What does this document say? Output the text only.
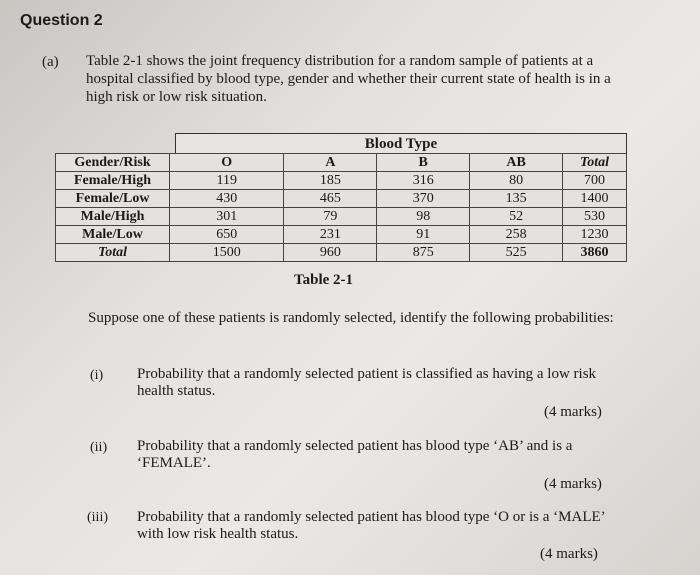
Question 2
(a) Table 2-1 shows the joint frequency distribution for a random sample of patients at a hospital classified by blood type, gender and whether their current state of health is in a high risk or low risk situation.
Blood Type
Gender/Risk	O	A	B	AB	Total
Female/High	119	185	316	80	700
Female/Low	430	465	370	135	1400
Male/High	301	79	98	52	530
Male/Low	650	231	91	258	1230
Total	1500	960	875	525	3860
Table 2-1
Suppose one of these patients is randomly selected, identify the following probabilities:
(i) Probability that a randomly selected patient is classified as having a low risk health status.
(4 marks)
(ii) Probability that a randomly selected patient has blood type ‘AB’ and is a ‘FEMALE’.
(4 marks)
(iii) Probability that a randomly selected patient has blood type ‘O or is a ‘MALE’ with low risk health status.
(4 marks)
